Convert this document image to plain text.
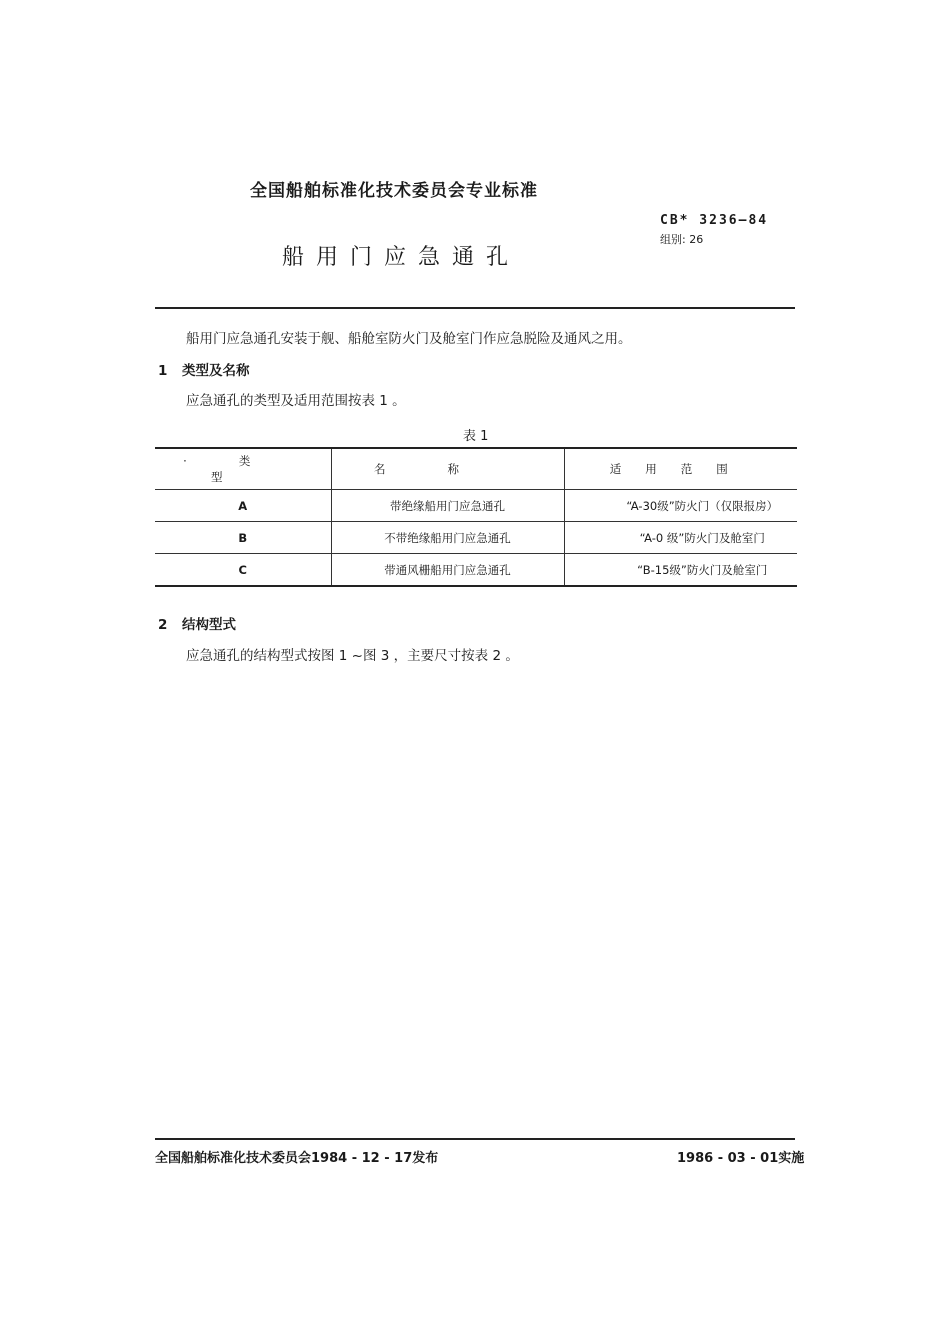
全国船舶标准化技术委员会专业标准
CB* 3236—84
组别: 26
船用门应急通孔
船用门应急通孔安装于舰、船舱室防火门及舱室门作应急脱险及通风之用。
1 类型及名称
应急通孔的类型及适用范围按表 1 。
表 1
·类型	名称	适用范围
A	带绝缘船用门应急通孔	“A-30级”防火门（仅限报房）
B	不带绝缘船用门应急通孔	“A-0 级”防火门及舱室门
C	带通风栅船用门应急通孔	“B-15级”防火门及舱室门
2 结构型式
应急通孔的结构型式按图 1 ~图 3 ，主要尺寸按表 2 。
全国船舶标准化技术委员会1984 - 12 - 17发布	1986 - 03 - 01实施
